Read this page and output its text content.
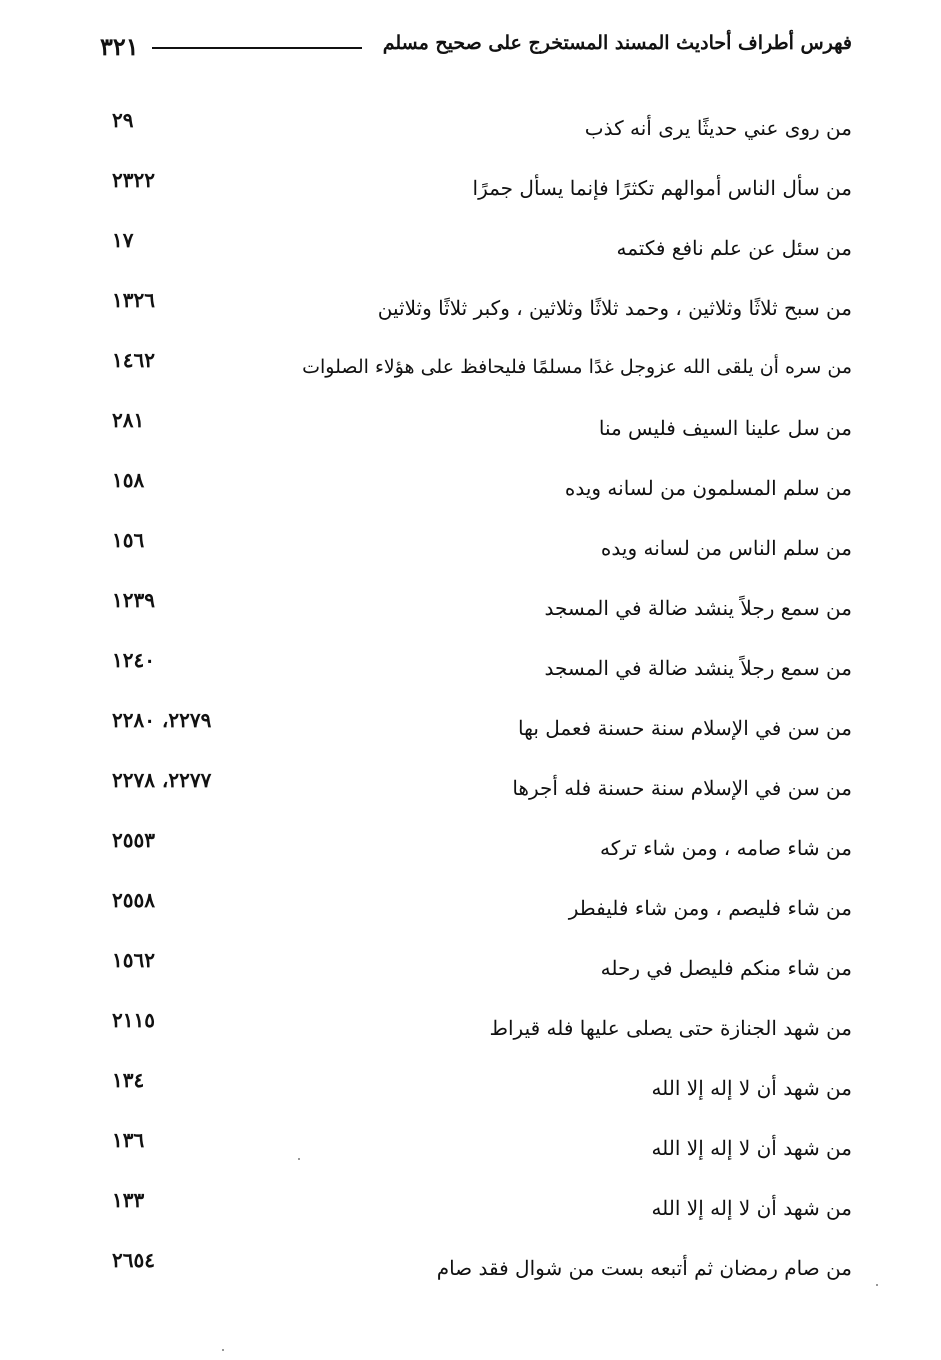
٣٢١	فهرس أطراف أحاديث المسند المستخرج على صحيح مسلم
من روى عني حديثًا يرى أنه كذب
٢٩
من سأل الناس أموالهم تكثرًا فإنما يسأل جمرًا
٢٣٢٢
من سئل عن علم نافع فكتمه
١٧
من سبح ثلاثًا وثلاثين ، وحمد ثلاثًا وثلاثين ، وكبر ثلاثًا وثلاثين
١٣٢٦
من سره أن يلقى الله عزوجل غدًا مسلمًا فليحافظ على هؤلاء الصلوات
١٤٦٢
من سل علينا السيف فليس منا
٢٨١
من سلم المسلمون من لسانه ويده
١٥٨
من سلم الناس من لسانه ويده
١٥٦
من سمع رجلاً ينشد ضالة في المسجد
١٢٣٩
من سمع رجلاً ينشد ضالة في المسجد
١٢٤٠
من سن في الإسلام سنة حسنة فعمل بها
٢٢٧٩، ٢٢٨٠
من سن في الإسلام سنة حسنة فله أجرها
٢٢٧٧، ٢٢٧٨
من شاء صامه ، ومن شاء تركه
٢٥٥٣
من شاء فليصم ، ومن شاء فليفطر
٢٥٥٨
من شاء منكم فليصل في رحله
١٥٦٢
من شهد الجنازة حتى يصلى عليها فله قيراط
٢١١٥
من شهد أن لا إله إلا الله
١٣٤
من شهد أن لا إله إلا الله
١٣٦
من شهد أن لا إله إلا الله
١٣٣
من صام رمضان ثم أتبعه بست من شوال فقد صام
٢٦٥٤
